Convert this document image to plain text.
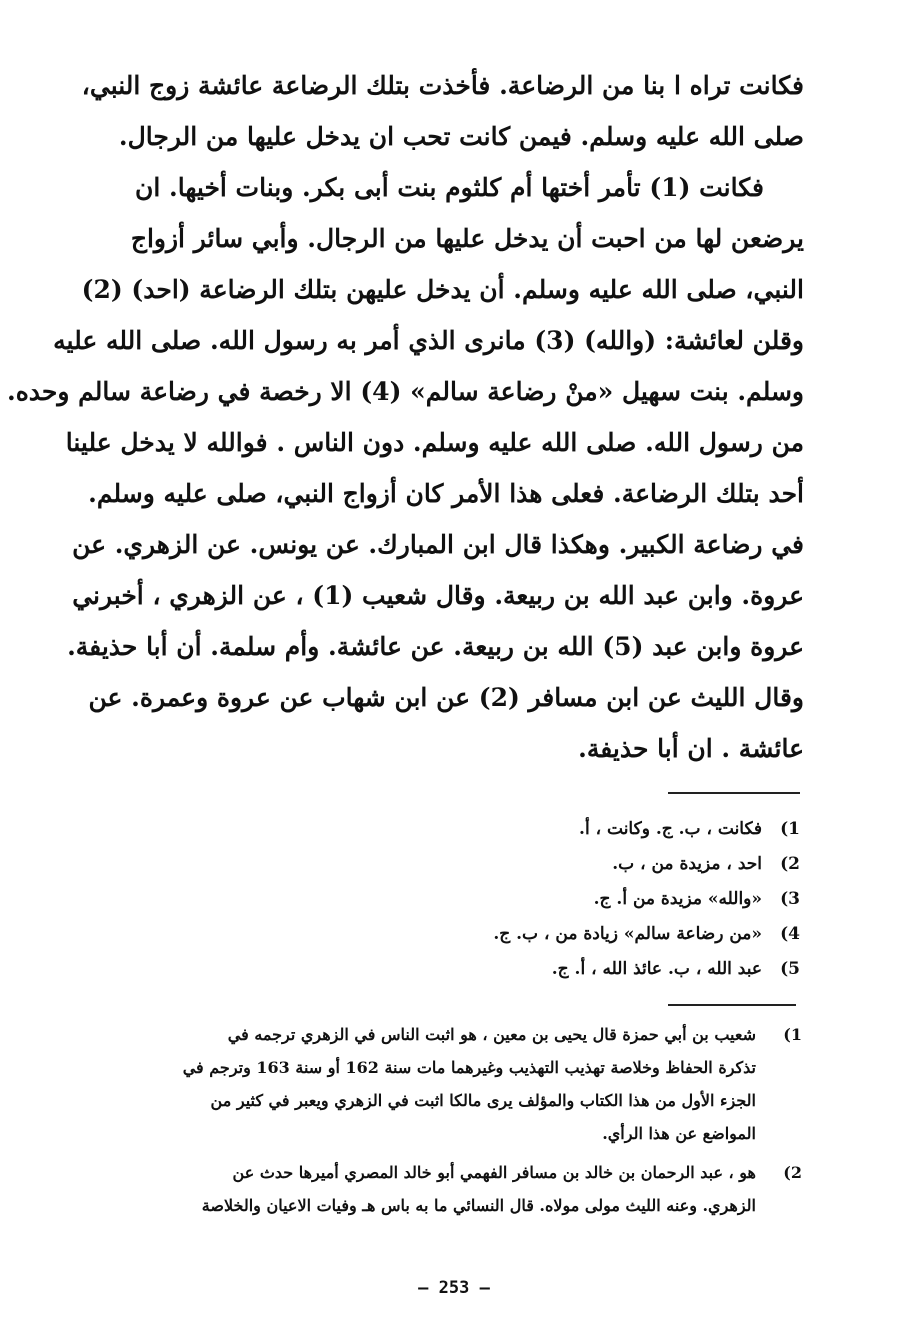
فكانت تراه ا بنا من الرضاعة. فأخذت بتلك الرضاعة عائشة زوج النبي،
صلى الله عليه وسلم. فيمن كانت تحب ان يدخل عليها من الرجال.
فكانت (1) تأمر أختها أم كلثوم بنت أبى بكر. وبنات أخيها. ان
يرضعن لها من احبت أن يدخل عليها من الرجال. وأبي سائر أزواج
النبي، صلى الله عليه وسلم. أن يدخل عليهن بتلك الرضاعة (احد) (2)
وقلن لعائشة: (والله) (3) مانرى الذي أمر به رسول الله. صلى الله عليه
وسلم. بنت سهيل «منْ رضاعة سالم» (4) الا رخصة في رضاعة سالم وحده.
من رسول الله. صلى الله عليه وسلم. دون الناس . فوالله لا يدخل علينا
أحد بتلك الرضاعة. فعلى هذا الأمر كان أزواج النبي، صلى عليه وسلم.
في رضاعة الكبير. وهكذا قال ابن المبارك. عن يونس. عن الزهري. عن
عروة. وابن عبد الله بن ربيعة. وقال شعيب (1) ، عن الزهري ، أخبرني
عروة وابن عبد (5) الله بن ربيعة. عن عائشة. وأم سلمة. أن أبا حذيفة.
وقال الليث عن ابن مسافر (2) عن ابن شهاب عن عروة وعمرة. عن
عائشة . ان أبا حذيفة.
1)
فكانت ، ب. ج. وكانت ، أ.
2)
احد ، مزيدة من ، ب.
3)
«والله» مزيدة من أ. ج.
4)
«من رضاعة سالم» زيادة من ، ب. ج.
5)
عبد الله ، ب. عائذ الله ، أ. ج.
1)
شعيب بن أبي حمزة قال يحيى بن معين ، هو اثبت الناس في الزهري ترجمه في
تذكرة الحفاظ وخلاصة تهذيب التهذيب وغيرهما مات سنة 162 أو سنة 163 وترجم في
الجزء الأول من هذا الكتاب والمؤلف يرى مالكا اثبت في الزهري ويعبر في كثير من
المواضع عن هذا الرأي.
2)
هو ، عبد الرحمان بن خالد بن مسافر الفهمي أبو خالد المصري أميرها حدث عن
الزهري. وعنه الليث مولى مولاه. قال النسائي ما به باس هـ وفيات الاعيان والخلاصة
– 253 –
